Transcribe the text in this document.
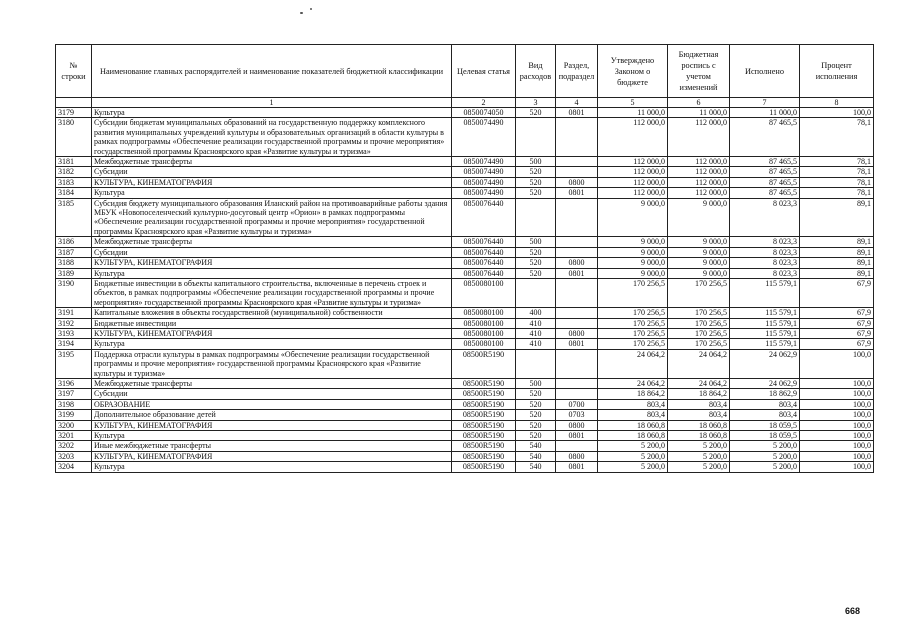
№ строки	Наименование главных распорядителей и наименование показателей бюджетной классификации	Целевая статья	Вид расходов	Раздел, подраздел	Утверждено Законом о бюджете	Бюджетная роспись с учетом изменений	Исполнено	Процент исполнения
	1	2	3	4	5	6	7	8
3179	Культура	0850074050	520	0801	11 000,0	11 000,0	11 000,0	100,0
3180	Субсидии бюджетам муниципальных образований на государственную поддержку комплексного развития муниципальных учреждений культуры и образовательных организаций в области культуры в рамках подпрограммы «Обеспечение реализации государственной программы и прочие мероприятия» государственной программы Красноярского края «Развитие культуры и туризма»	0850074490			112 000,0	112 000,0	87 465,5	78,1
3181	Межбюджетные трансферты	0850074490	500		112 000,0	112 000,0	87 465,5	78,1
3182	Субсидии	0850074490	520		112 000,0	112 000,0	87 465,5	78,1
3183	КУЛЬТУРА, КИНЕМАТОГРАФИЯ	0850074490	520	0800	112 000,0	112 000,0	87 465,5	78,1
3184	Культура	0850074490	520	0801	112 000,0	112 000,0	87 465,5	78,1
3185	Субсидия бюджету муниципального образования Иланский район на противоаварийные работы здания МБУК «Новопоселенческий культурно-досуговый центр «Орион» в рамках подпрограммы «Обеспечение реализации государственной программы и прочие мероприятия» государственной программы Красноярского края «Развитие культуры и туризма»	0850076440			9 000,0	9 000,0	8 023,3	89,1
3186	Межбюджетные трансферты	0850076440	500		9 000,0	9 000,0	8 023,3	89,1
3187	Субсидии	0850076440	520		9 000,0	9 000,0	8 023,3	89,1
3188	КУЛЬТУРА, КИНЕМАТОГРАФИЯ	0850076440	520	0800	9 000,0	9 000,0	8 023,3	89,1
3189	Культура	0850076440	520	0801	9 000,0	9 000,0	8 023,3	89,1
3190	Бюджетные инвестиции в объекты капитального строительства, включенные в перечень строек и объектов, в рамках подпрограммы «Обеспечение реализации государственной программы и прочие мероприятия» государственной программы Красноярского края «Развитие культуры и туризма»	0850080100			170 256,5	170 256,5	115 579,1	67,9
3191	Капитальные вложения в объекты государственной (муниципальной) собственности	0850080100	400		170 256,5	170 256,5	115 579,1	67,9
3192	Бюджетные инвестиции	0850080100	410		170 256,5	170 256,5	115 579,1	67,9
3193	КУЛЬТУРА, КИНЕМАТОГРАФИЯ	0850080100	410	0800	170 256,5	170 256,5	115 579,1	67,9
3194	Культура	0850080100	410	0801	170 256,5	170 256,5	115 579,1	67,9
3195	Поддержка отрасли культуры в рамках подпрограммы «Обеспечение реализации государственной программы и прочие мероприятия» государственной программы Красноярского края «Развитие культуры и туризма»	08500R5190			24 064,2	24 064,2	24 062,9	100,0
3196	Межбюджетные трансферты	08500R5190	500		24 064,2	24 064,2	24 062,9	100,0
3197	Субсидии	08500R5190	520		18 864,2	18 864,2	18 862,9	100,0
3198	ОБРАЗОВАНИЕ	08500R5190	520	0700	803,4	803,4	803,4	100,0
3199	Дополнительное образование детей	08500R5190	520	0703	803,4	803,4	803,4	100,0
3200	КУЛЬТУРА, КИНЕМАТОГРАФИЯ	08500R5190	520	0800	18 060,8	18 060,8	18 059,5	100,0
3201	Культура	08500R5190	520	0801	18 060,8	18 060,8	18 059,5	100,0
3202	Иные межбюджетные трансферты	08500R5190	540		5 200,0	5 200,0	5 200,0	100,0
3203	КУЛЬТУРА, КИНЕМАТОГРАФИЯ	08500R5190	540	0800	5 200,0	5 200,0	5 200,0	100,0
3204	Культура	08500R5190	540	0801	5 200,0	5 200,0	5 200,0	100,0
668
